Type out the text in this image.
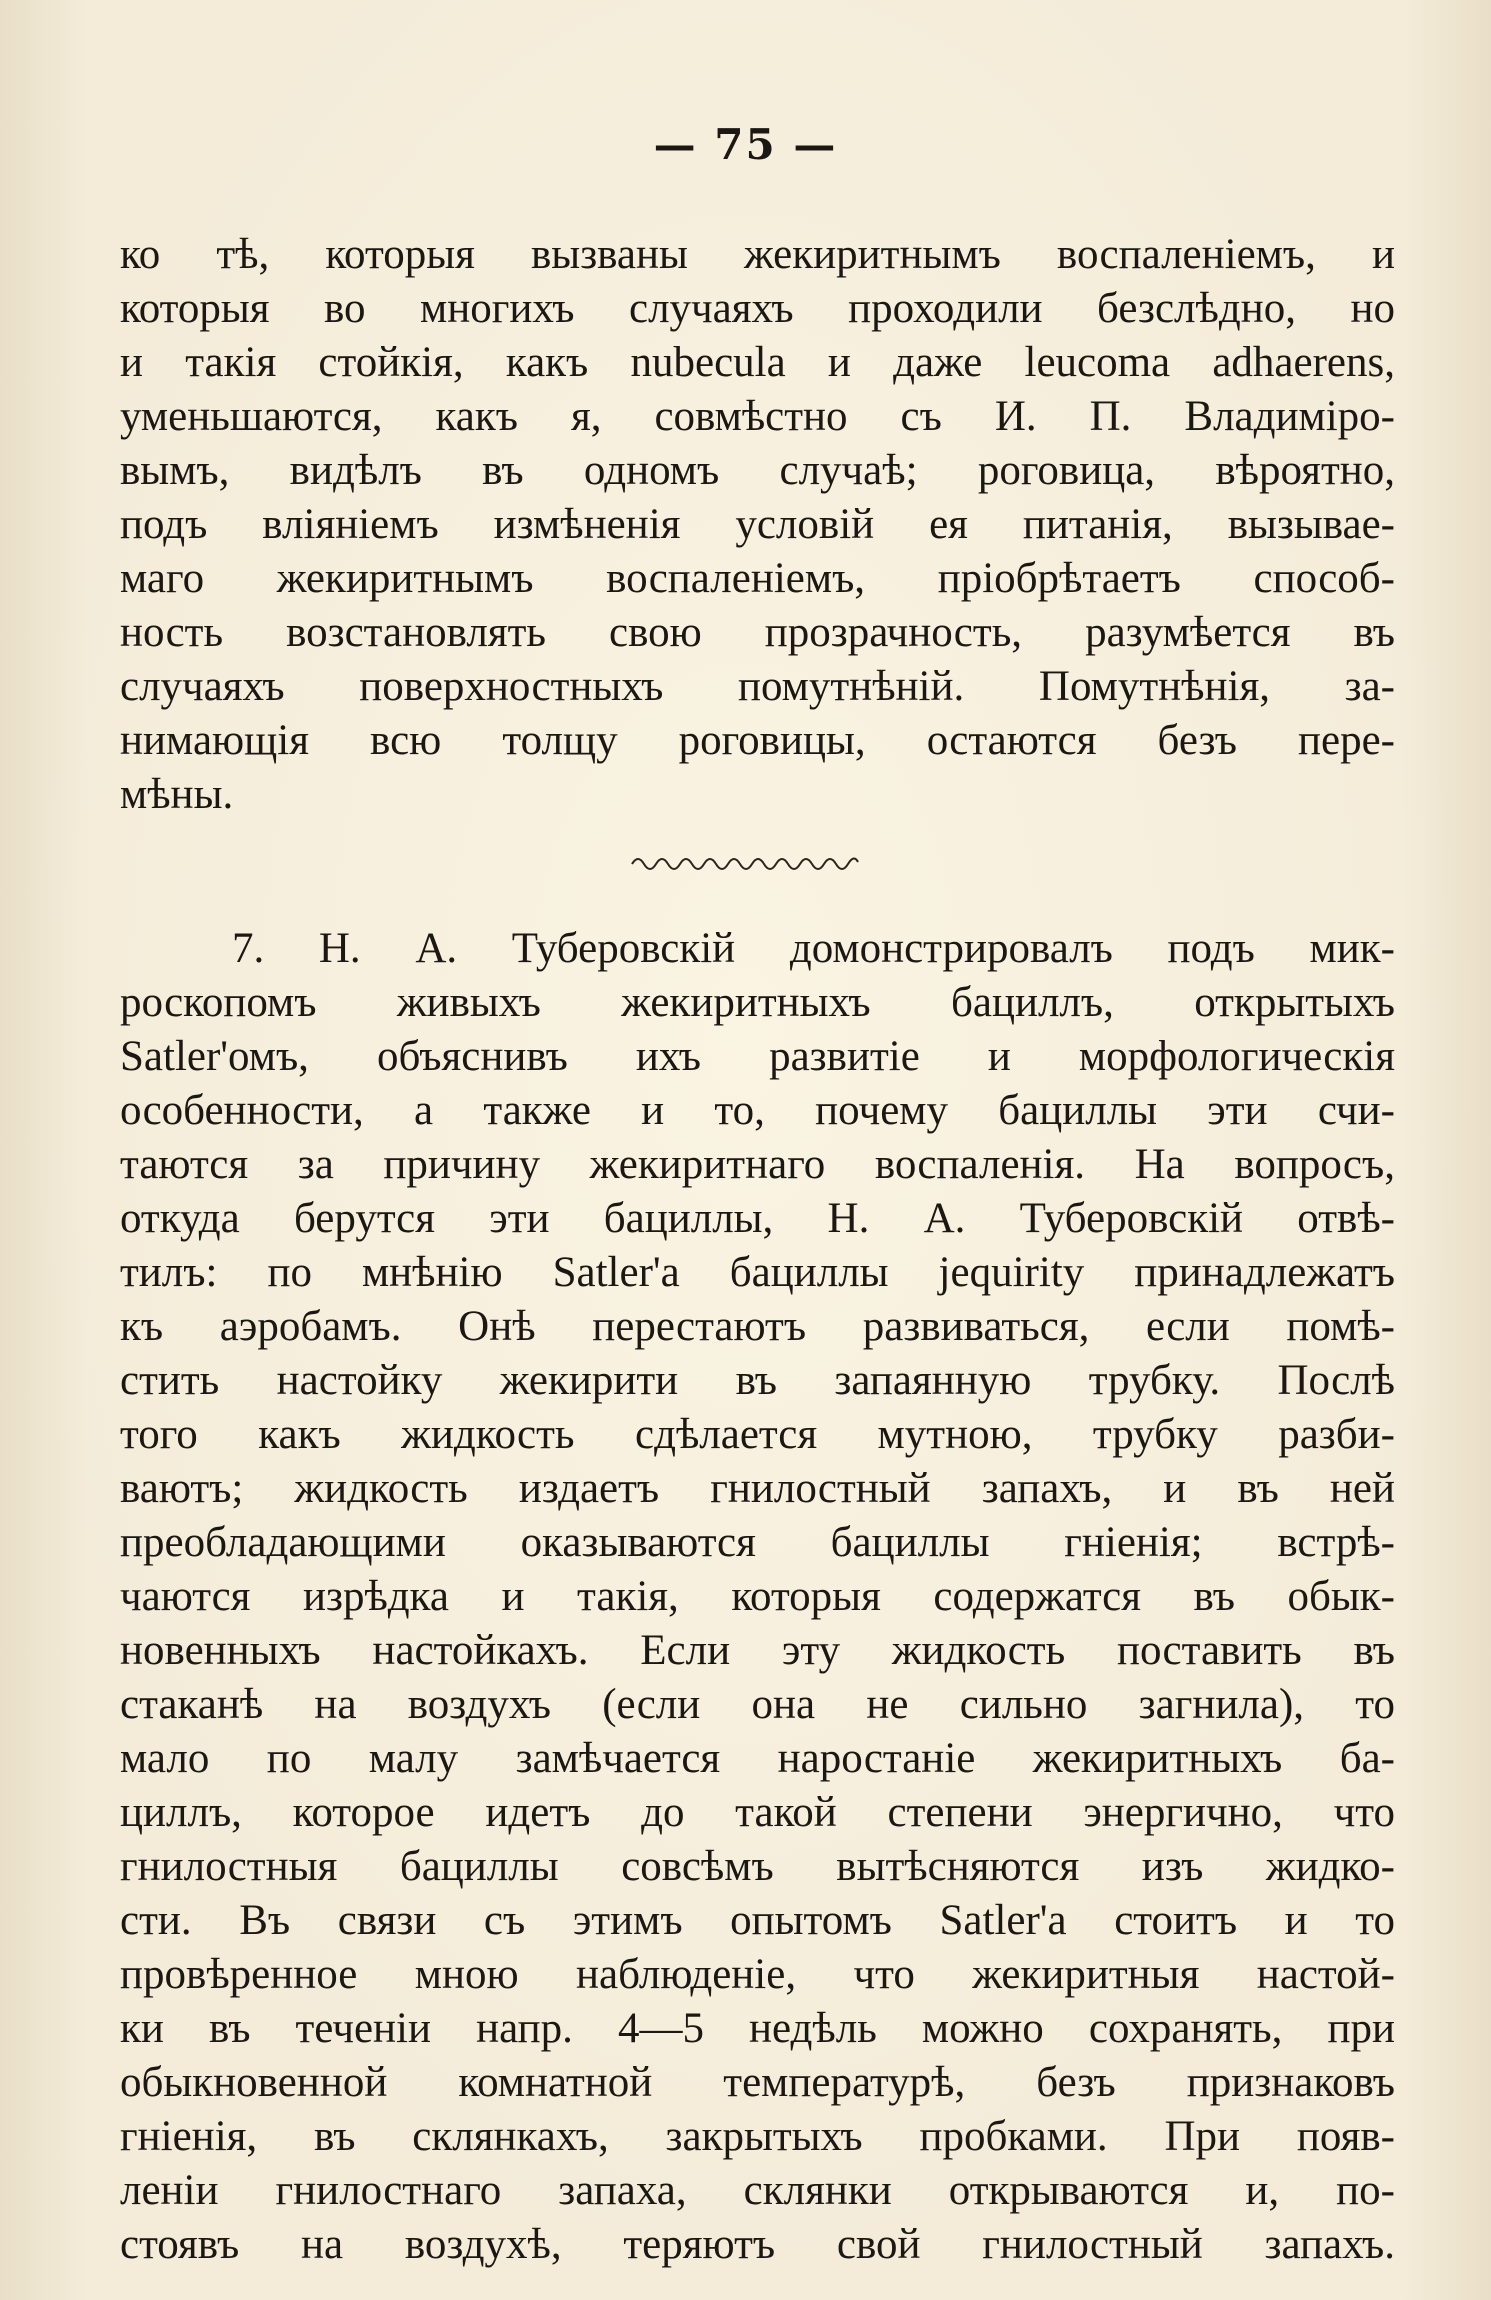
— 75 —
ко тѣ, которыя вызваны жекиритнымъ воспаленіемъ, и
которыя во многихъ случаяхъ проходили безслѣдно, но
и такія стойкія, какъ nubecula и даже leucoma adhaerens,
уменьшаются, какъ я, совмѣстно съ И. П. Владиміро-
вымъ, видѣлъ въ одномъ случаѣ; роговица, вѣроятно,
подъ вліяніемъ измѣненія условій ея питанія, вызывае-
маго жекиритнымъ воспаленіемъ, пріобрѣтаетъ способ-
ность возстановлять свою прозрачность, разумѣется въ
случаяхъ поверхностныхъ помутнѣній. Помутнѣнія, за-
нимающія всю толщу роговицы, остаются безъ пере-
мѣны.
7. Н. А. Туберовскій домонстрировалъ подъ мик-
роскопомъ живыхъ жекиритныхъ бациллъ, открытыхъ
Satler'омъ, объяснивъ ихъ развитіе и морфологическія
особенности, а также и то, почему бациллы эти счи-
таются за причину жекиритнаго воспаленія. На вопросъ,
откуда берутся эти бациллы, Н. А. Туберовскій отвѣ-
тилъ: по мнѣнію Satler'а бациллы jequirity принадлежатъ
къ аэробамъ. Онѣ перестаютъ развиваться, если помѣ-
стить настойку жекирити въ запаянную трубку. Послѣ
того какъ жидкость сдѣлается мутною, трубку разби-
ваютъ; жидкость издаетъ гнилостный запахъ, и въ ней
преобладающими оказываются бациллы гніенія; встрѣ-
чаются изрѣдка и такія, которыя содержатся въ обык-
новенныхъ настойкахъ. Если эту жидкость поставить въ
стаканѣ на воздухъ (если она не сильно загнила), то
мало по малу замѣчается наростаніе жекиритныхъ ба-
циллъ, которое идетъ до такой степени энергично, что
гнилостныя бациллы совсѣмъ вытѣсняются изъ жидко-
сти. Въ связи съ этимъ опытомъ Satler'а стоитъ и то
провѣренное мною наблюденіе, что жекиритныя настой-
ки въ теченіи напр. 4—5 недѣль можно сохранять, при
обыкновенной комнатной температурѣ, безъ признаковъ
гніенія, въ склянкахъ, закрытыхъ пробками. При появ-
леніи гнилостнаго запаха, склянки открываются и, по-
стоявъ на воздухѣ, теряютъ свой гнилостный запахъ.
